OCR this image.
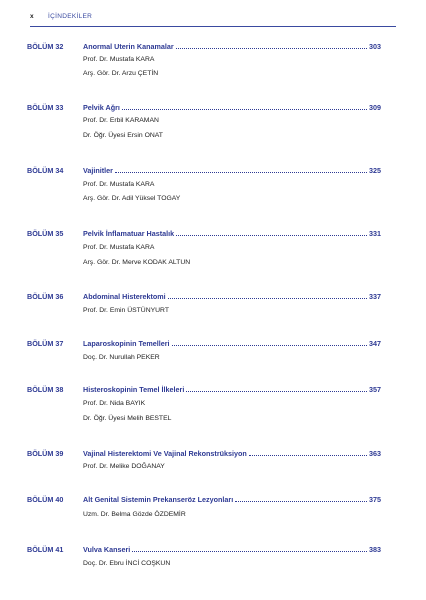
x İÇİNDEKİLER
BÖLÜM 32	Anormal Uterin Kanamalar	303
Prof. Dr. Mustafa KARA
Arş. Gör. Dr. Arzu ÇETİN
BÖLÜM 33	Pelvik Ağrı	309
Prof. Dr. Erbil KARAMAN
Dr. Öğr. Üyesi Ersin ONAT
BÖLÜM 34	Vajinitler	325
Prof. Dr. Mustafa KARA
Arş. Gör. Dr. Adil Yüksel TOGAY
BÖLÜM 35	Pelvik İnflamatuar Hastalık	331
Prof. Dr. Mustafa KARA
Arş. Gör. Dr. Merve KODAK ALTUN
BÖLÜM 36	Abdominal Histerektomi	337
Prof. Dr. Emin ÜSTÜNYURT
BÖLÜM 37	Laparoskopinin Temelleri	347
Doç. Dr. Nurullah PEKER
BÖLÜM 38	Histeroskopinin Temel İlkeleri	357
Prof. Dr. Nida BAYIK
Dr. Öğr. Üyesi Melih BESTEL
BÖLÜM 39	Vajinal Histerektomi Ve Vajinal Rekonstrüksiyon	363
Prof. Dr. Melike DOĞANAY
BÖLÜM 40	Alt Genital Sistemin Prekanseröz Lezyonları	375
Uzm. Dr. Belma Gözde ÖZDEMİR
BÖLÜM 41	Vulva Kanseri	383
Doç. Dr. Ebru İNCİ COŞKUN
